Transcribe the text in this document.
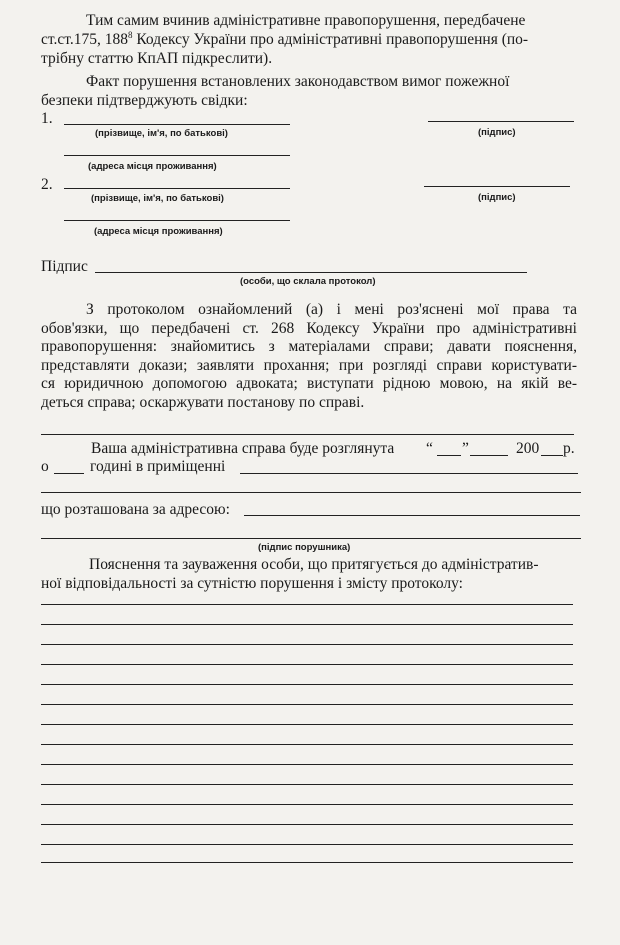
Тим самим вчинив адміністративне правопорушення, передбачене
ст.ст.175, $188^8$ Кодексу України про адміністративні правопорушення (по-
трібну статтю КпАП підкреслити).
Факт порушення встановлених законодавством вимог пожежної
безпеки підтверджують свідки:
1.
(прізвище, ім'я, по батькові)	(підпис)
(адреса місця проживання)
2.
(прізвище, ім'я, по батькові)	(підпис)
(адреса місця проживання)
Підпис
(особи, що склала протокол)
З протоколом ознайомлений (а) і мені роз'яснені мої права та
обов'язки, що передбачені ст. 268 Кодексу України про адміністративні
правопорушення: знайомитись з матеріалами справи; давати пояснення,
представляти докази; заявляти прохання; при розгляді справи користувати-
ся юридичною допомогою адвоката; виступати рідною мовою, на якій ве-
деться справа; оскаржувати постанову по справі.
Ваша адміністративна справа буде розглянута “ ”	200 р.
о	годині в приміщенні
що розташована за адресою:
(підпис порушника)
Пояснення та зауваження особи, що притягується до адміністратив-
ної відповідальності за сутністю порушення і змісту протоколу:
